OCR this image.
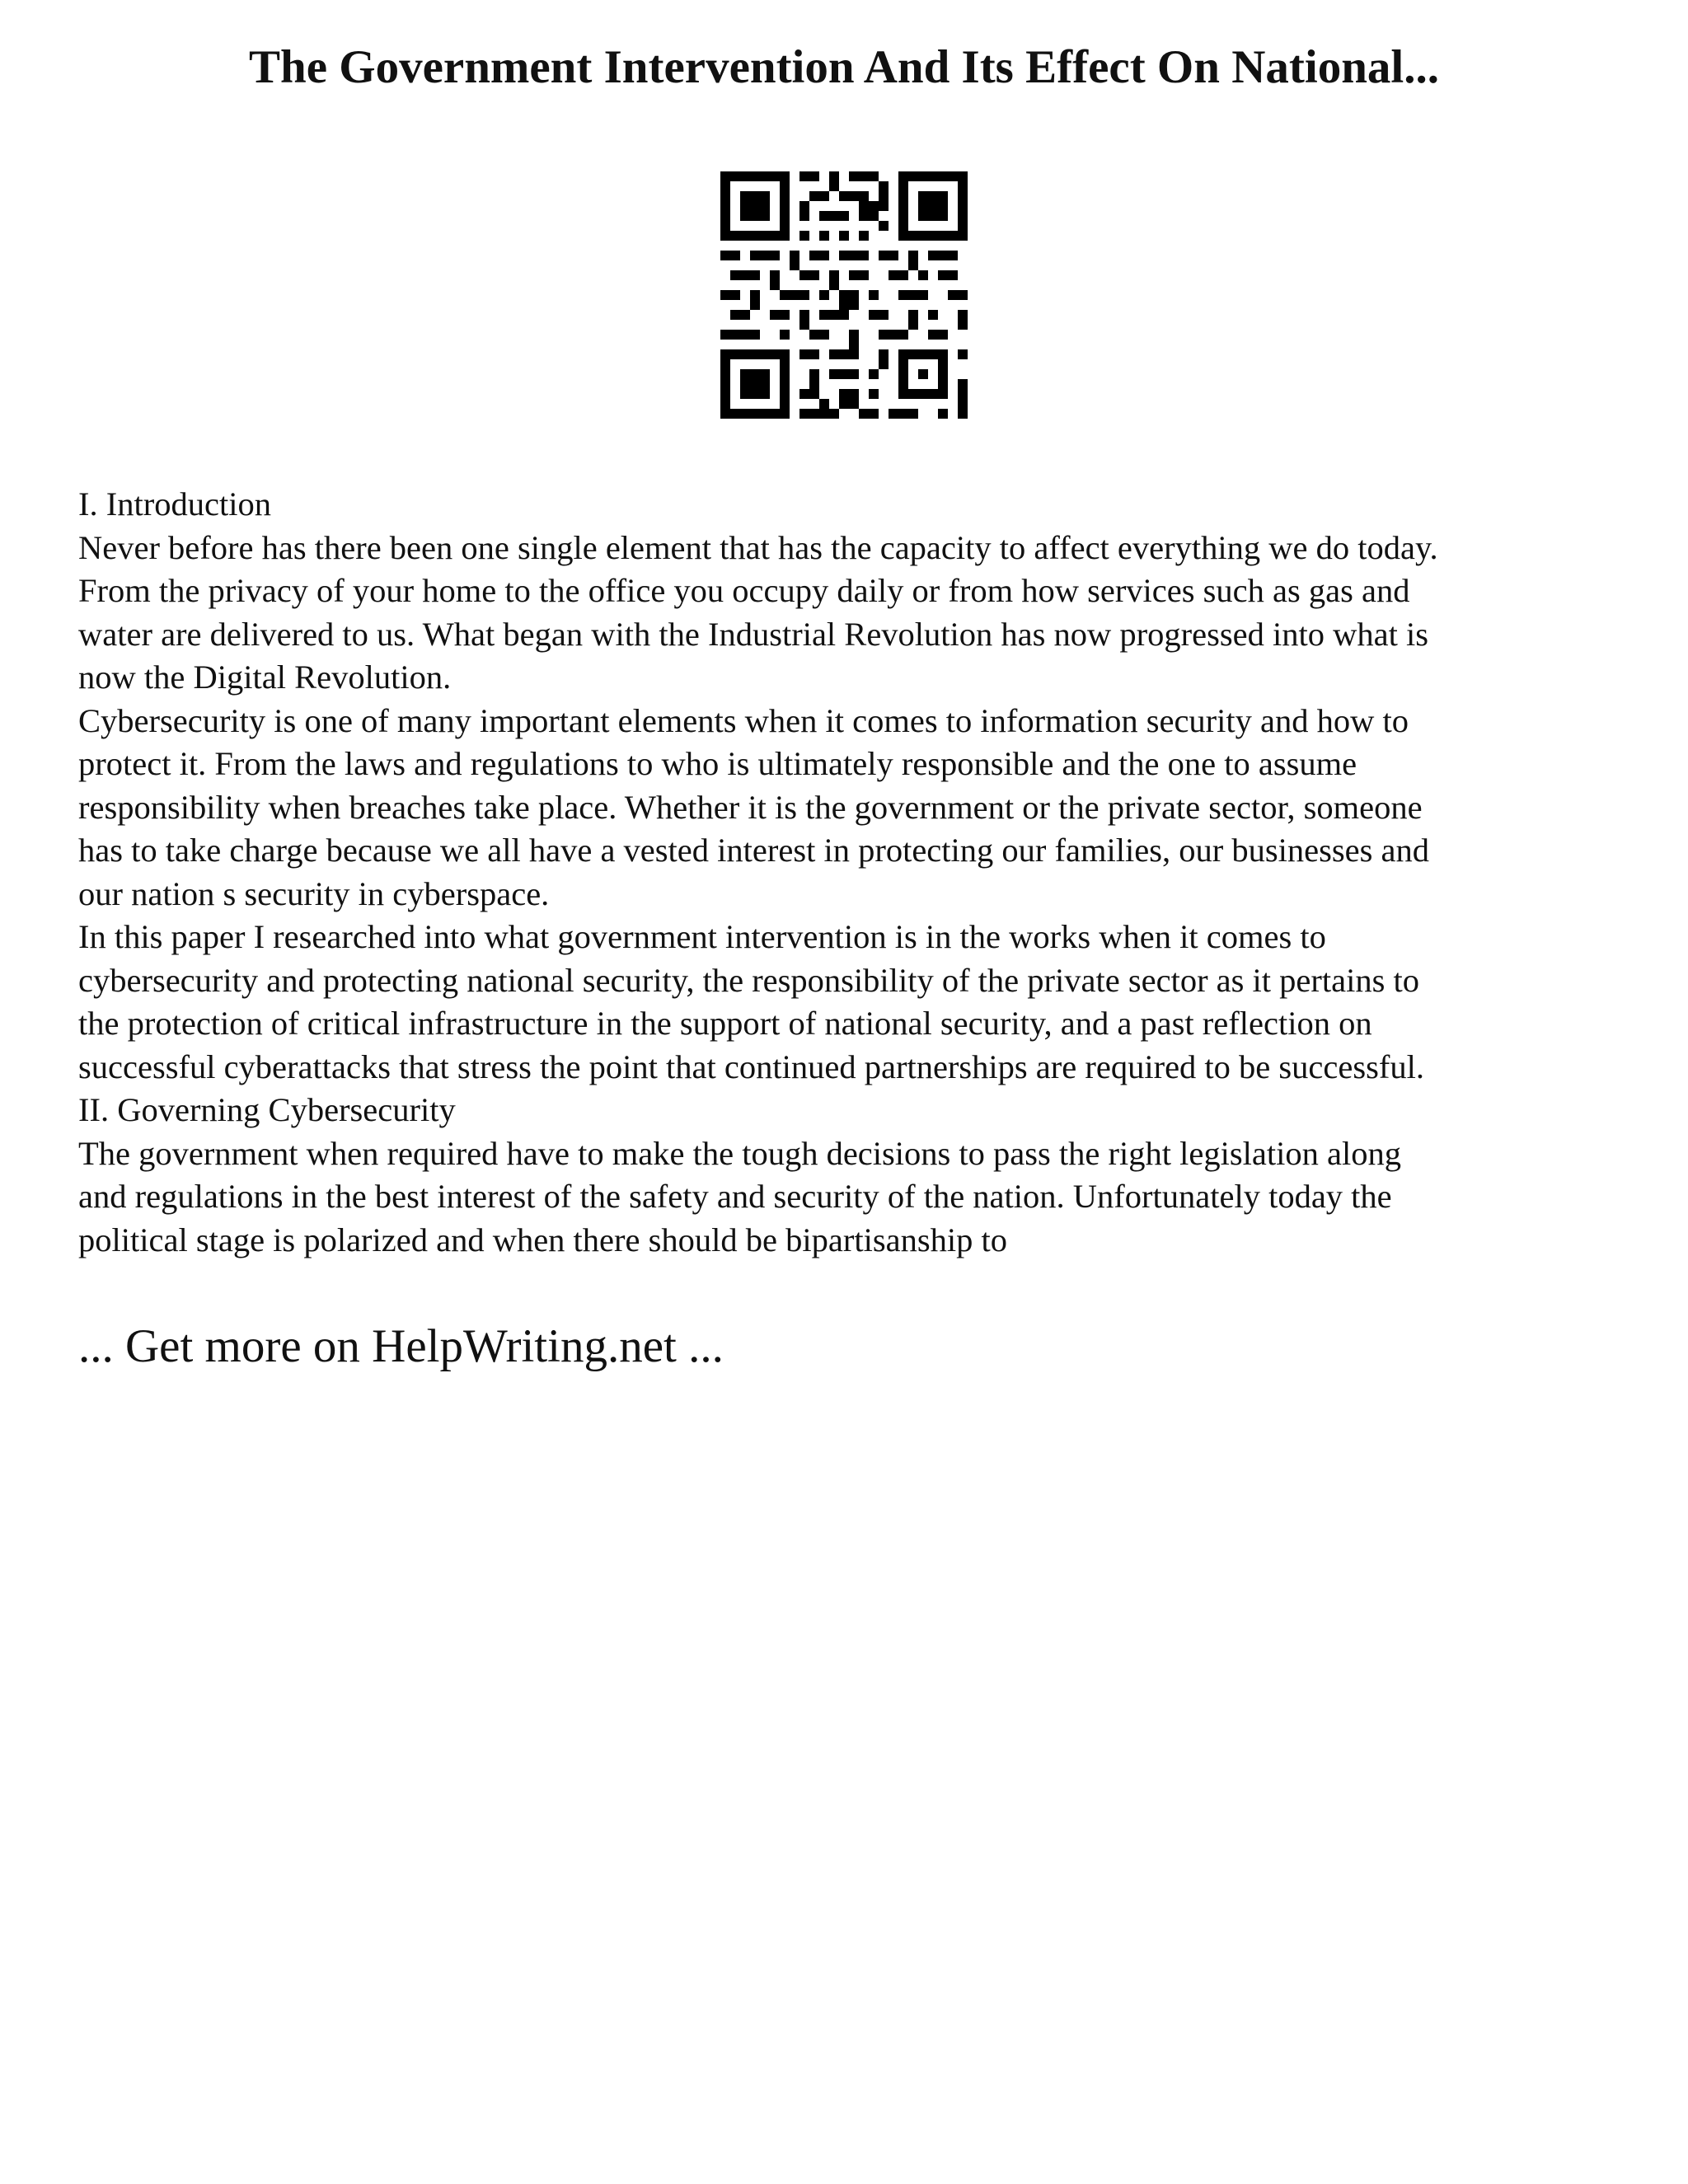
The Government Intervention And Its Effect On National...
I. Introduction
Never before has there been one single element that has the capacity to affect everything we do today.
From the privacy of your home to the office you occupy daily or from how services such as gas and
water are delivered to us. What began with the Industrial Revolution has now progressed into what is
now the Digital Revolution.
Cybersecurity is one of many important elements when it comes to information security and how to
protect it. From the laws and regulations to who is ultimately responsible and the one to assume
responsibility when breaches take place. Whether it is the government or the private sector, someone
has to take charge because we all have a vested interest in protecting our families, our businesses and
our nation s security in cyberspace.
In this paper I researched into what government intervention is in the works when it comes to
cybersecurity and protecting national security, the responsibility of the private sector as it pertains to
the protection of critical infrastructure in the support of national security, and a past reflection on
successful cyberattacks that stress the point that continued partnerships are required to be successful.
II. Governing Cybersecurity
The government when required have to make the tough decisions to pass the right legislation along
and regulations in the best interest of the safety and security of the nation. Unfortunately today the
political stage is polarized and when there should be bipartisanship to
... Get more on HelpWriting.net ...
